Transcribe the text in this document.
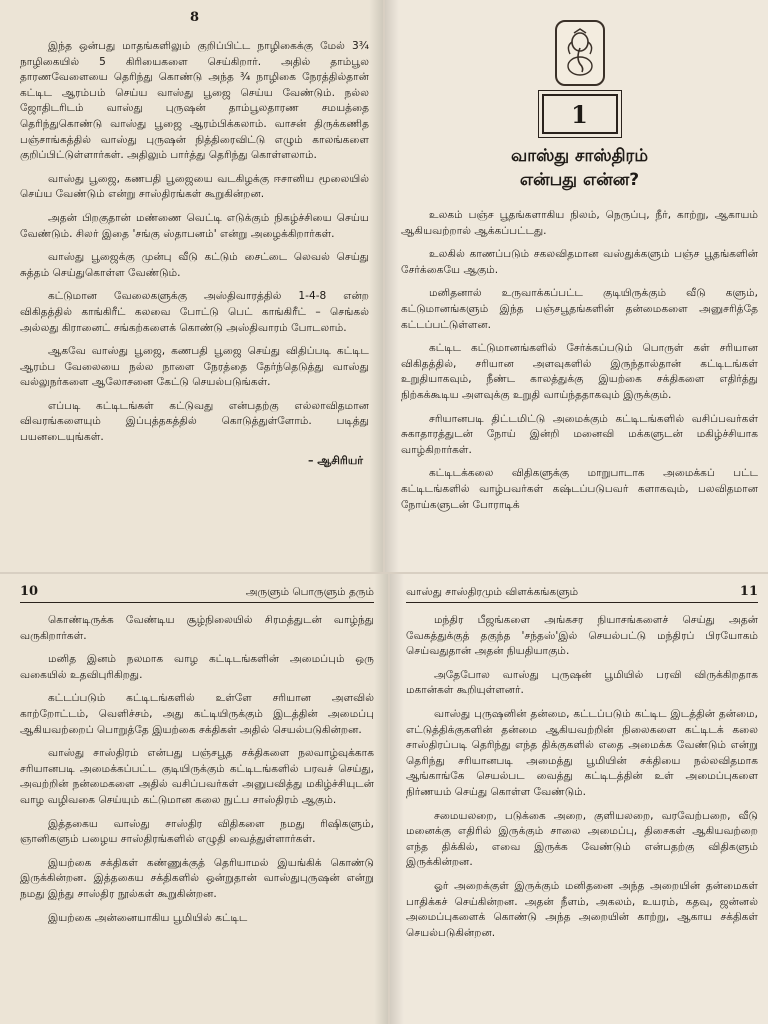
8

இந்த ஒன்பது மாதங்களிலும் குறிப்பிட்ட நாழிகைக்கு மேல் 3¾ நாழிகையில் 5 கிரியைகளை செய்கிறார். அதில் தாம்பூல தாரணவேளையை தெரிந்து கொண்டு அந்த ¾ நாழிகை நேரத்தில்தான் கட்டிட ஆரம்பம் செய்ய வாஸ்து பூஜை செய்ய வேண்டும். நல்ல ஜோதிடரிடம் வாஸ்து புருஷன் தாம்பூலதாரண சமயத்தை தெரிந்துகொண்டு வாஸ்து பூஜை ஆரம்பிக்கலாம். வாசன் திருக்கணித பஞ்சாங்கத்தில் வாஸ்து புருஷன் நித்திரைவிட்டு எழும் காலங்களை குறிப்பிட்டுள்ளார்கள். அதிலும் பார்த்து தெரிந்து கொள்ளலாம்.

வாஸ்து பூஜை, கணபதி பூஜையை வடகிழக்கு ஈசானிய மூலையில் செய்ய வேண்டும் என்று சாஸ்திரங்கள் கூறுகின்றன.

அதன் பிறகுதான் மண்ணை வெட்டி எடுக்கும் நிகழ்ச்சியை செய்ய வேண்டும். சிலர் இதை 'சங்கு ஸ்தாபனம்' என்று அழைக்கிறார்கள்.

வாஸ்து பூஜைக்கு முன்பு வீடு கட்டும் சைட்டை லெவல் செய்து சுத்தம் செய்துகொள்ள வேண்டும்.

கட்டுமான வேலைகளுக்கு அஸ்திவாரத்தில் 1-4-8 என்ற விகிதத்தில் காங்கிரீட் கலவை போட்டு பெட் காங்கிரீட் – செங்கல் அல்லது கிரானைட் சங்கற்களைக் கொண்டு அஸ்திவாரம் போடலாம்.

ஆகவே வாஸ்து பூஜை, கணபதி பூஜை செய்து விதிப்படி கட்டிட ஆரம்ப வேலையை நல்ல நாளை நேரத்தை தேர்ந்தெடுத்து வாஸ்து வல்லுநர்களை ஆலோசனை கேட்டு செயல்படுங்கள்.

எப்படி கட்டிடங்கள் கட்டுவது என்பதற்கு எல்லாவிதமான விவரங்களையும் இப்புத்தகத்தில் கொடுத்துள்ளோம். படித்து பயனடையுங்கள்.

– ஆசிரியர்
1
வாஸ்து சாஸ்திரம்
என்பது என்ன?

உலகம் பஞ்ச பூதங்களாகிய நிலம், நெருப்பு, நீர், காற்று, ஆகாயம் ஆகியவற்றால் ஆக்கப்பட்டது.

உலகில் காணப்படும் சகலவிதமான வஸ்துக்களும் பஞ்ச பூதங்களின் சேர்க்கையே ஆகும்.

மனிதனால் உருவாக்கப்பட்ட குடியிருக்கும் வீடு களும், கட்டுமானங்களும் இந்த பஞ்சபூதங்களின் தன்மைகளை அனுசரித்தே கட்டப்பட்டுள்ளன.

கட்டிட கட்டுமானங்களில் சேர்க்கப்படும் பொருள் கள் சரியான விகிதத்தில், சரியான அளவுகளில் இருந்தால்தான் கட்டிடங்கள் உறுதியாகவும், நீண்ட காலத்துக்கு இயற்கை சக்திகளை எதிர்த்து நிற்கக்கூடிய அளவுக்கு உறுதி வாய்ந்ததாகவும் இருக்கும்.

சரியானபடி திட்டமிட்டு அமைக்கும் கட்டிடங்களில் வசிப்பவர்கள் சுகாதாரத்துடன் நோய் இன்றி மனைவி மக்களுடன் மகிழ்ச்சியாக வாழ்கிறார்கள்.

கட்டிடக்கலை விதிகளுக்கு மாறுபாடாக அமைக்கப் பட்ட கட்டிடங்களில் வாழ்பவர்கள் கஷ்டப்படுபவர் களாகவும், பலவிதமான நோய்களுடன் போராடிக்

10	அருளும் பொருளும் தரும்

கொண்டிருக்க வேண்டிய சூழ்நிலையில் சிரமத்துடன் வாழ்ந்து வருகிறார்கள்.

மனித இனம் நலமாக வாழ கட்டிடங்களின் அமைப்பும் ஒரு வகையில் உதவிபுரிகிறது.

கட்டப்படும் கட்டிடங்களில் உள்ளே சரியான அளவில் காற்றோட்டம், வெளிச்சம், அது கட்டியிருக்கும் இடத்தின் அமைப்பு ஆகியவற்றைப் பொறுத்தே இயற்கை சக்திகள் அதில் செயல்படுகின்றன.

வாஸ்து சாஸ்திரம் என்பது பஞ்சபூத சக்திகளை நலவாழ்வுக்காக சரியானபடி அமைக்கப்பட்ட குடியிருக்கும் கட்டிடங்களில் பரவச் செய்து, அவற்றின் நன்மைகளை அதில் வசிப்பவர்கள் அனுபவித்து மகிழ்ச்சியுடன் வாழ வழிவகை செய்யும் கட்டுமான கலை நுட்ப சாஸ்திரம் ஆகும்.

இத்தகைய வாஸ்து சாஸ்திர விதிகளை நமது ரிஷிகளும், ஞானிகளும் பழைய சாஸ்திரங்களில் எழுதி வைத்துள்ளார்கள்.

இயற்கை சக்திகள் கண்ணுக்குத் தெரியாமல் இயங்கிக் கொண்டு இருக்கின்றன. இத்தகைய சக்திகளில் ஒன்றுதான் வாஸ்துபுருஷன் என்று நமது இந்து சாஸ்திர நூல்கள் கூறுகின்றன.

இயற்கை அன்னையாகிய பூமியில் கட்டிட

வாஸ்து சாஸ்திரமும் விளக்கங்களும்	11

மந்திர பீஜங்களை அங்கசர நியாசங்களைச் செய்து அதன் வேகத்துக்குத் தகுந்த 'சந்தஸ்'இல் செயல்பட்டு மந்திரப் பிரயோகம் செய்வதுதான் அதன் நியதியாகும்.

அதேபோல வாஸ்து புருஷன் பூமியில் பரவி விருக்கிறதாக மகான்கள் கூறியுள்ளனர்.

வாஸ்து புருஷனின் தன்மை, கட்டப்படும் கட்டிட இடத்தின் தன்மை, எட்டுத்திக்குகளின் தன்மை ஆகியவற்றின் நிலைகளை கட்டிடக் கலை சாஸ்திரப்படி தெரிந்து எந்த திக்குகளில் எதை அமைக்க வேண்டும் என்று தெரிந்து சரியானபடி அமைத்து பூமியின் சக்தியை நல்லவிதமாக ஆங்காங்கே செயல்பட வைத்து கட்டிடத்தின் உள் அமைப்புகளை நிர்ணயம் செய்து கொள்ள வேண்டும்.

சமையலறை, படுக்கை அறை, குளியலறை, வரவேற்பறை, வீடு மனைக்கு எதிரில் இருக்கும் சாலை அமைப்பு, திசைகள் ஆகியவற்றை எந்த திக்கில், எவை இருக்க வேண்டும் என்பதற்கு விதிகளும் இருக்கின்றன.

ஓர் அறைக்குள் இருக்கும் மனிதனை அந்த அறையின் தன்மைகள் பாதிக்கச் செய்கின்றன. அதன் நீளம், அகலம், உயரம், கதவு, ஜன்னல் அமைப்புகளைக் கொண்டு அந்த அறையின் காற்று, ஆகாய சக்திகள் செயல்படுகின்றன.
